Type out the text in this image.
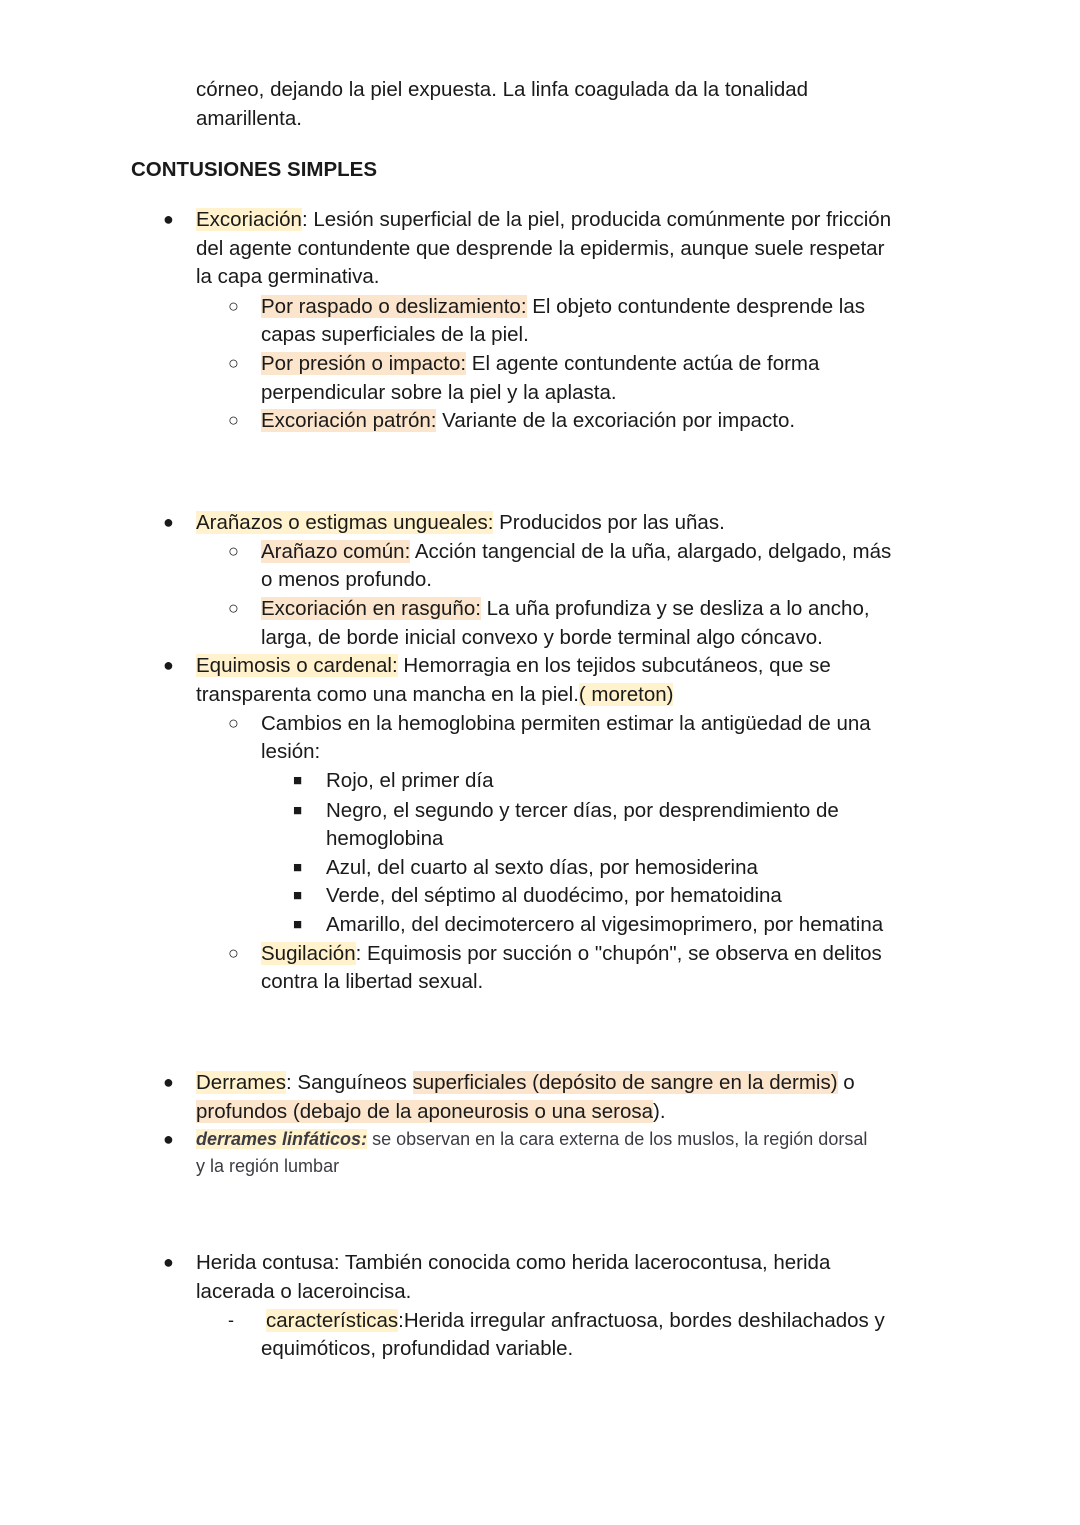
córneo, dejando la piel expuesta. La linfa coagulada da la tonalidad
amarillenta.
CONTUSIONES SIMPLES
● Excoriación: Lesión superficial de la piel, producida comúnmente por fricción
del agente contundente que desprende la epidermis, aunque suele respetar
la capa germinativa.
○ Por raspado o deslizamiento: El objeto contundente desprende las
capas superficiales de la piel.
○ Por presión o impacto: El agente contundente actúa de forma
perpendicular sobre la piel y la aplasta.
○ Excoriación patrón: Variante de la excoriación por impacto.
● Arañazos o estigmas ungueales: Producidos por las uñas.
○ Arañazo común: Acción tangencial de la uña, alargado, delgado, más
o menos profundo.
○ Excoriación en rasguño: La uña profundiza y se desliza a lo ancho,
larga, de borde inicial convexo y borde terminal algo cóncavo.
● Equimosis o cardenal: Hemorragia en los tejidos subcutáneos, que se
transparenta como una mancha en la piel.( moreton)
○ Cambios en la hemoglobina permiten estimar la antigüedad de una
lesión:
■ Rojo, el primer día
■ Negro, el segundo y tercer días, por desprendimiento de
hemoglobina
■ Azul, del cuarto al sexto días, por hemosiderina
■ Verde, del séptimo al duodécimo, por hematoidina
■ Amarillo, del decimotercero al vigesimoprimero, por hematina
○ Sugilación: Equimosis por succión o "chupón", se observa en delitos
contra la libertad sexual.
● Derrames: Sanguíneos superficiales (depósito de sangre en la dermis) o
profundos (debajo de la aponeurosis o una serosa).
● derrames linfáticos: se observan en la cara externa de los muslos, la región dorsal
y la región lumbar
● Herida contusa: También conocida como herida lacerocontusa, herida
lacerada o laceroincisa.
- características:Herida irregular anfractuosa, bordes deshilachados y
equimóticos, profundidad variable.
